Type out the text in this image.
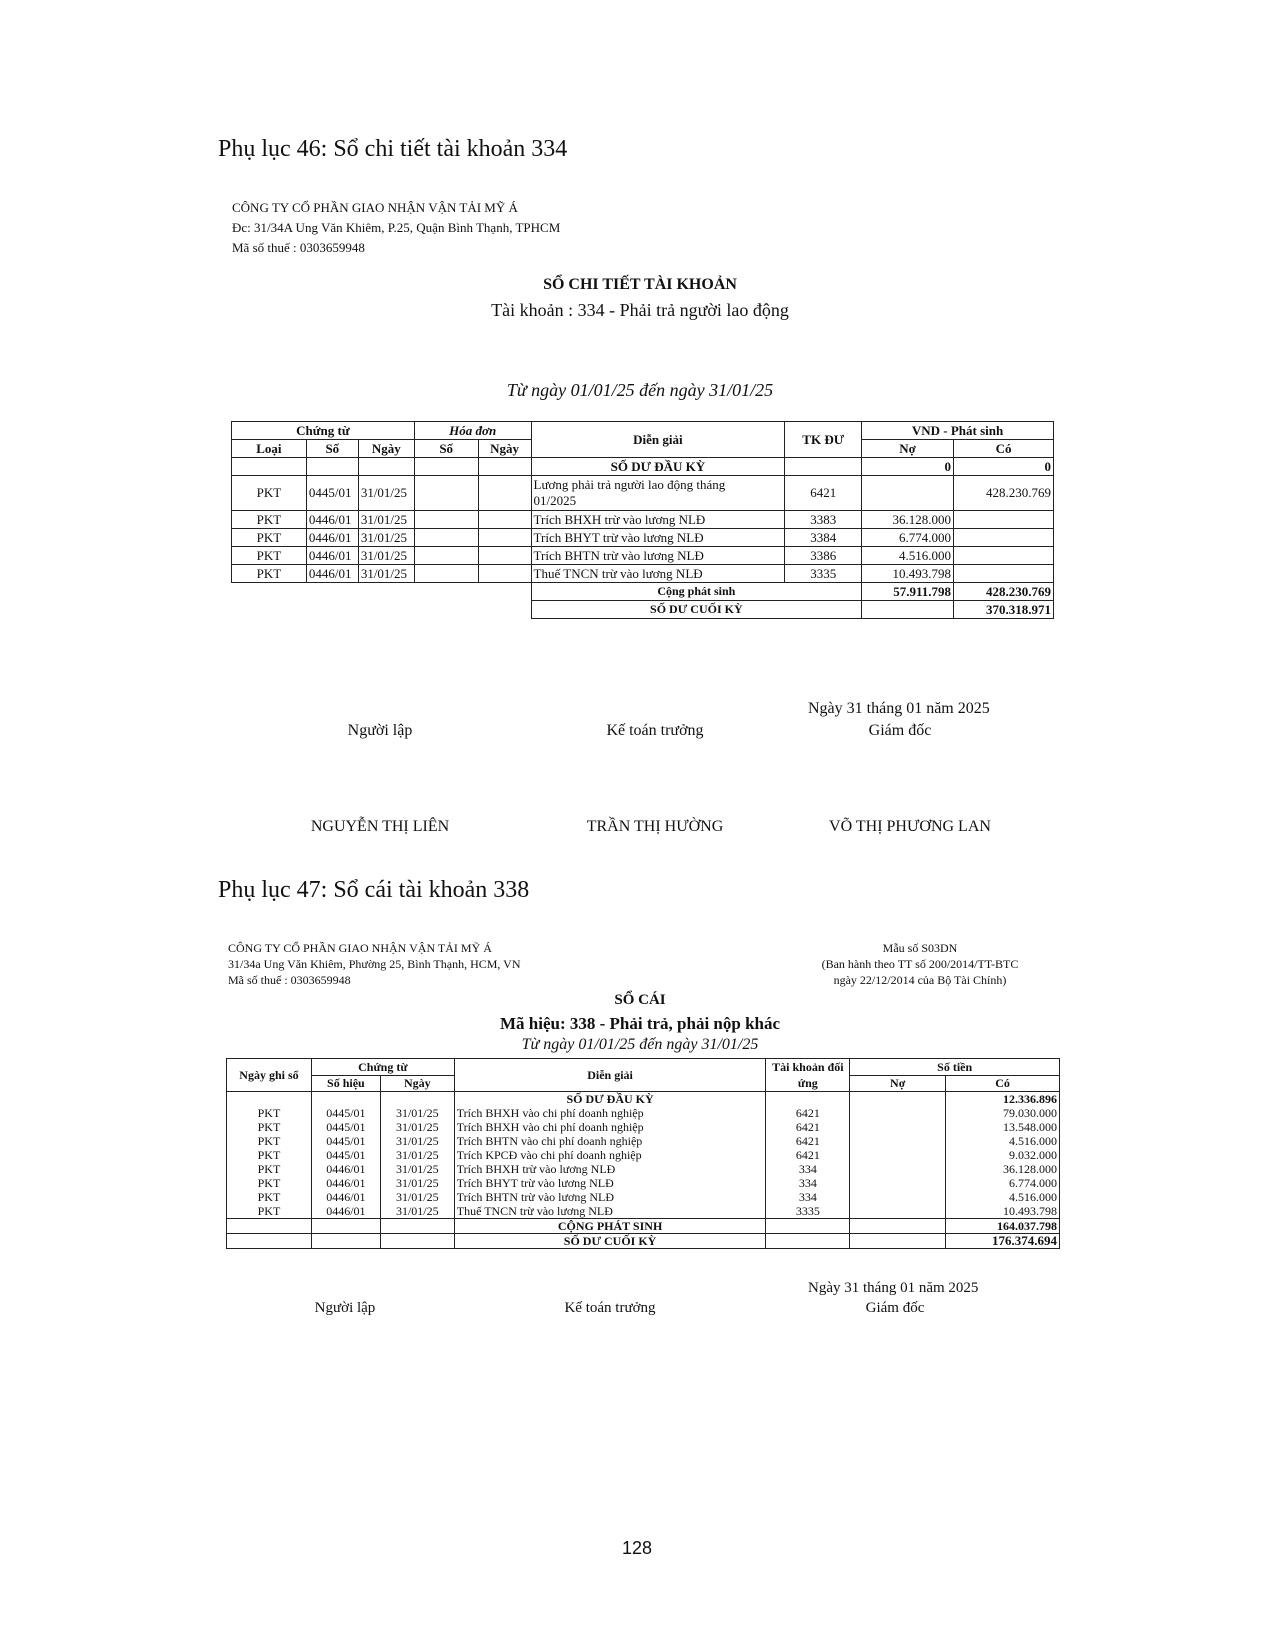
Phụ lục 46: Sổ chi tiết tài khoản 334
CÔNG TY CỔ PHẦN GIAO NHẬN VẬN TẢI MỸ Á
Đc: 31/34A Ung Văn Khiêm, P.25, Quận Bình Thạnh, TPHCM
Mã số thuế : 0303659948
SỔ CHI TIẾT TÀI KHOẢN
Tài khoản : 334 - Phải trả người lao động
Từ ngày 01/01/25 đến ngày 31/01/25
Chứng từ			Hóa đơn		Diễn giải	TK ĐƯ	VND - Phát sinh	
Loại	Số	Ngày	Số	Ngày			Nợ	Có
					SỐ DƯ ĐẦU KỲ		0	0
PKT	0445/01	31/01/25			Lương phải trả người lao động tháng
01/2025	6421		428.230.769
PKT	0446/01	31/01/25			Trích BHXH trừ vào lương NLĐ	3383	36.128.000	
PKT	0446/01	31/01/25			Trích BHYT trừ vào lương NLĐ	3384	6.774.000	
PKT	0446/01	31/01/25			Trích BHTN trừ vào lương NLĐ	3386	4.516.000	
PKT	0446/01	31/01/25			Thuế TNCN trừ vào lương NLĐ	3335	10.493.798	
					Cộng phát sinh		57.911.798	428.230.769
					SỐ DƯ CUỐI KỲ			370.318.971
Ngày 31 tháng 01 năm 2025
Người lập	Kế toán trưởng	Giám đốc
NGUYỄN THỊ LIÊN	TRẦN THỊ HƯỜNG	VÕ THỊ PHƯƠNG LAN
Phụ lục 47: Sổ cái tài khoản 338
CÔNG TY CỔ PHẦN GIAO NHẬN VẬN TẢI MỸ Á
31/34a Ung Văn Khiêm, Phường 25, Bình Thạnh, HCM, VN
Mã số thuế : 0303659948
Mẫu số S03DN
(Ban hành theo TT số 200/2014/TT-BTC
ngày 22/12/2014 của Bộ Tài Chính)
SỔ CÁI
Mã hiệu: 338 - Phải trả, phải nộp khác
Từ ngày 01/01/25 đến ngày 31/01/25
Ngày ghi sổ	Chứng từ		Diễn giải	Tài khoản đối
ứng	Số tiền	
	Số hiệu	Ngày			Nợ	Có
			SỐ DƯ ĐẦU KỲ			12.336.896
PKT	0445/01	31/01/25	Trích BHXH vào chi phí doanh nghiệp	6421		79.030.000
PKT	0445/01	31/01/25	Trích BHXH vào chi phí doanh nghiệp	6421		13.548.000
PKT	0445/01	31/01/25	Trích BHTN vào chi phí doanh nghiệp	6421		4.516.000
PKT	0445/01	31/01/25	Trích KPCĐ vào chi phí doanh nghiệp	6421		9.032.000
PKT	0446/01	31/01/25	Trích BHXH trừ vào lương NLĐ	334		36.128.000
PKT	0446/01	31/01/25	Trích BHYT trừ vào lương NLĐ	334		6.774.000
PKT	0446/01	31/01/25	Trích BHTN trừ vào lương NLĐ	334		4.516.000
PKT	0446/01	31/01/25	Thuế TNCN trừ vào lương NLĐ	3335		10.493.798
			CỘNG PHÁT SINH			164.037.798
			SỐ DƯ CUỐI KỲ			176.374.694
Ngày 31 tháng 01 năm 2025
Người lập	Kế toán trưởng	Giám đốc
128
